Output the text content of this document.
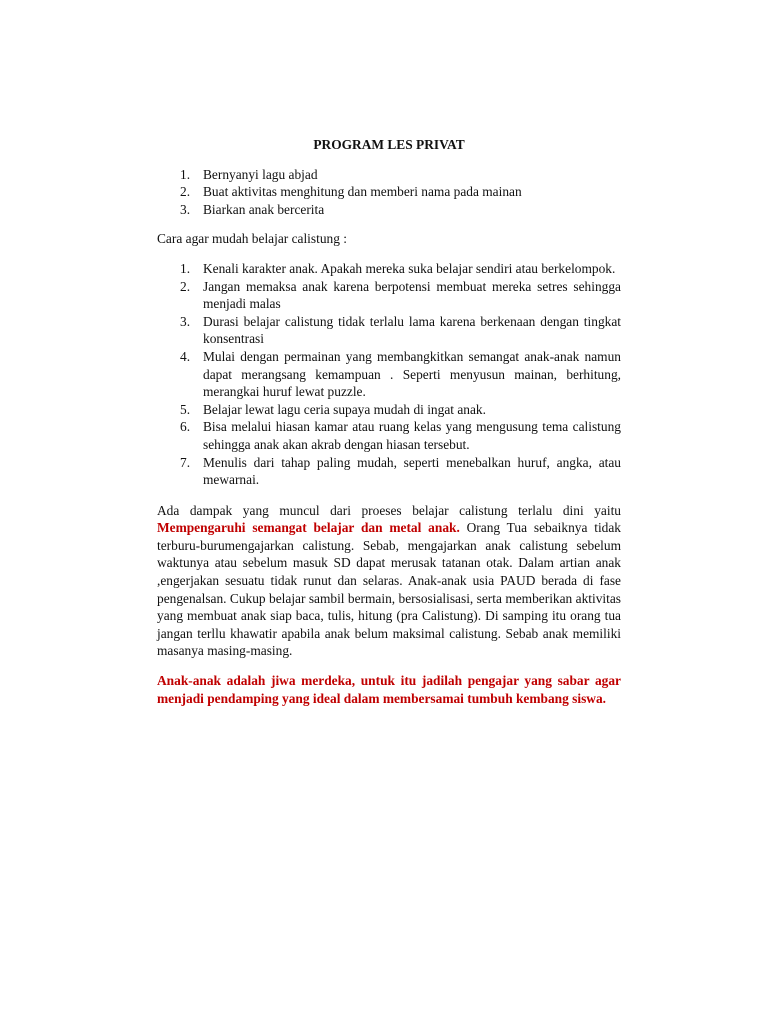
PROGRAM LES PRIVAT

1. Bernyanyi lagu abjad
2. Buat aktivitas menghitung dan memberi nama pada mainan
3. Biarkan anak bercerita

Cara agar mudah belajar calistung :

1. Kenali karakter anak. Apakah mereka suka belajar sendiri atau berkelompok.
2. Jangan memaksa anak karena berpotensi membuat mereka setres sehingga menjadi malas
3. Durasi belajar calistung tidak terlalu lama karena berkenaan dengan tingkat konsentrasi
4. Mulai dengan permainan yang membangkitkan semangat anak-anak namun dapat merangsang kemampuan . Seperti menyusun mainan, berhitung, merangkai huruf lewat puzzle.
5. Belajar lewat lagu ceria supaya mudah di ingat anak.
6. Bisa melalui hiasan kamar atau ruang kelas yang mengusung tema calistung sehingga anak akan akrab dengan hiasan tersebut.
7. Menulis dari tahap paling mudah, seperti menebalkan huruf, angka, atau mewarnai.

Ada dampak yang muncul dari proeses belajar calistung terlalu dini yaitu Mempengaruhi semangat belajar dan metal anak. Orang Tua sebaiknya tidak terburu-burumengajarkan calistung. Sebab, mengajarkan anak calistung sebelum waktunya atau sebelum masuk SD dapat merusak tatanan otak. Dalam artian anak ,engerjakan sesuatu tidak runut dan selaras. Anak-anak usia PAUD berada di fase pengenalsan. Cukup belajar sambil bermain, bersosialisasi, serta memberikan aktivitas yang membuat anak siap baca, tulis, hitung (pra Calistung). Di samping itu orang tua jangan terllu khawatir apabila anak belum maksimal calistung. Sebab anak memiliki masanya masing-masing.

Anak-anak adalah jiwa merdeka, untuk itu jadilah pengajar yang sabar agar menjadi pendamping yang ideal dalam membersamai tumbuh kembang siswa.
